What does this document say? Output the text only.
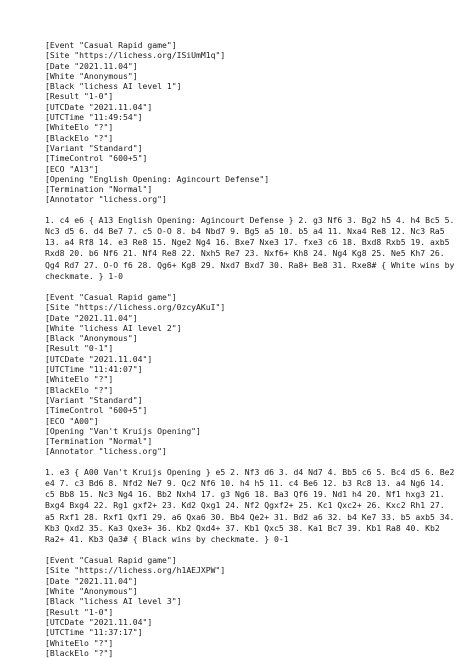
[Event "Casual Rapid game"]
[Site "https://lichess.org/ISiUmM1q"]
[Date "2021.11.04"]
[White "Anonymous"]
[Black "lichess AI level 1"]
[Result "1-0"]
[UTCDate "2021.11.04"]
[UTCTime "11:49:54"]
[WhiteElo "?"]
[BlackElo "?"]
[Variant "Standard"]
[TimeControl "600+5"]
[ECO "A13"]
[Opening "English Opening: Agincourt Defense"]
[Termination "Normal"]
[Annotator "lichess.org"]
1. c4 e6 { A13 English Opening: Agincourt Defense } 2. g3 Nf6 3. Bg2 h5 4. h4 Bc5 5. Nc3 d5 6. d4 Be7 7. c5 O-O 8. b4 Nbd7 9. Bg5 a5 10. b5 a4 11. Nxa4 Re8 12. Nc3 Ra5 13. a4 Rf8 14. e3 Re8 15. Nge2 Ng4 16. Bxe7 Nxe3 17. fxe3 c6 18. Bxd8 Rxb5 19. axb5 Rxd8 20. b6 Nf6 21. Nf4 Re8 22. Nxh5 Re7 23. Nxf6+ Kh8 24. Ng4 Kg8 25. Ne5 Kh7 26. Qg4 Rd7 27. O-O f6 28. Qg6+ Kg8 29. Nxd7 Bxd7 30. Ra8+ Be8 31. Rxe8# { White wins by checkmate. } 1-0
[Event "Casual Rapid game"]
[Site "https://lichess.org/0zcyAKuI"]
[Date "2021.11.04"]
[White "lichess AI level 2"]
[Black "Anonymous"]
[Result "0-1"]
[UTCDate "2021.11.04"]
[UTCTime "11:41:07"]
[WhiteElo "?"]
[BlackElo "?"]
[Variant "Standard"]
[TimeControl "600+5"]
[ECO "A00"]
[Opening "Van't Kruijs Opening"]
[Termination "Normal"]
[Annotator "lichess.org"]
1. e3 { A00 Van't Kruijs Opening } e5 2. Nf3 d6 3. d4 Nd7 4. Bb5 c6 5. Bc4 d5 6. Be2 e4 7. c3 Bd6 8. Nfd2 Ne7 9. Qc2 Nf6 10. h4 h5 11. c4 Be6 12. b3 Rc8 13. a4 Ng6 14. c5 Bb8 15. Nc3 Ng4 16. Bb2 Nxh4 17. g3 Ng6 18. Ba3 Qf6 19. Nd1 h4 20. Nf1 hxg3 21. Bxg4 Bxg4 22. Rg1 gxf2+ 23. Kd2 Qxg1 24. Nf2 Qgxf2+ 25. Kc1 Qxc2+ 26. Kxc2 Rh1 27. a5 Rxf1 28. Rxf1 Qxf1 29. a6 Qxa6 30. Bb4 Qe2+ 31. Bd2 a6 32. b4 Ke7 33. b5 axb5 34. Kb3 Qxd2 35. Ka3 Qxe3+ 36. Kb2 Qxd4+ 37. Kb1 Qxc5 38. Ka1 Bc7 39. Kb1 Ra8 40. Kb2 Ra2+ 41. Kb3 Qa3# { Black wins by checkmate. } 0-1
[Event "Casual Rapid game"]
[Site "https://lichess.org/h1AEJXPW"]
[Date "2021.11.04"]
[White "Anonymous"]
[Black "lichess AI level 3"]
[Result "1-0"]
[UTCDate "2021.11.04"]
[UTCTime "11:37:17"]
[WhiteElo "?"]
[BlackElo "?"]
